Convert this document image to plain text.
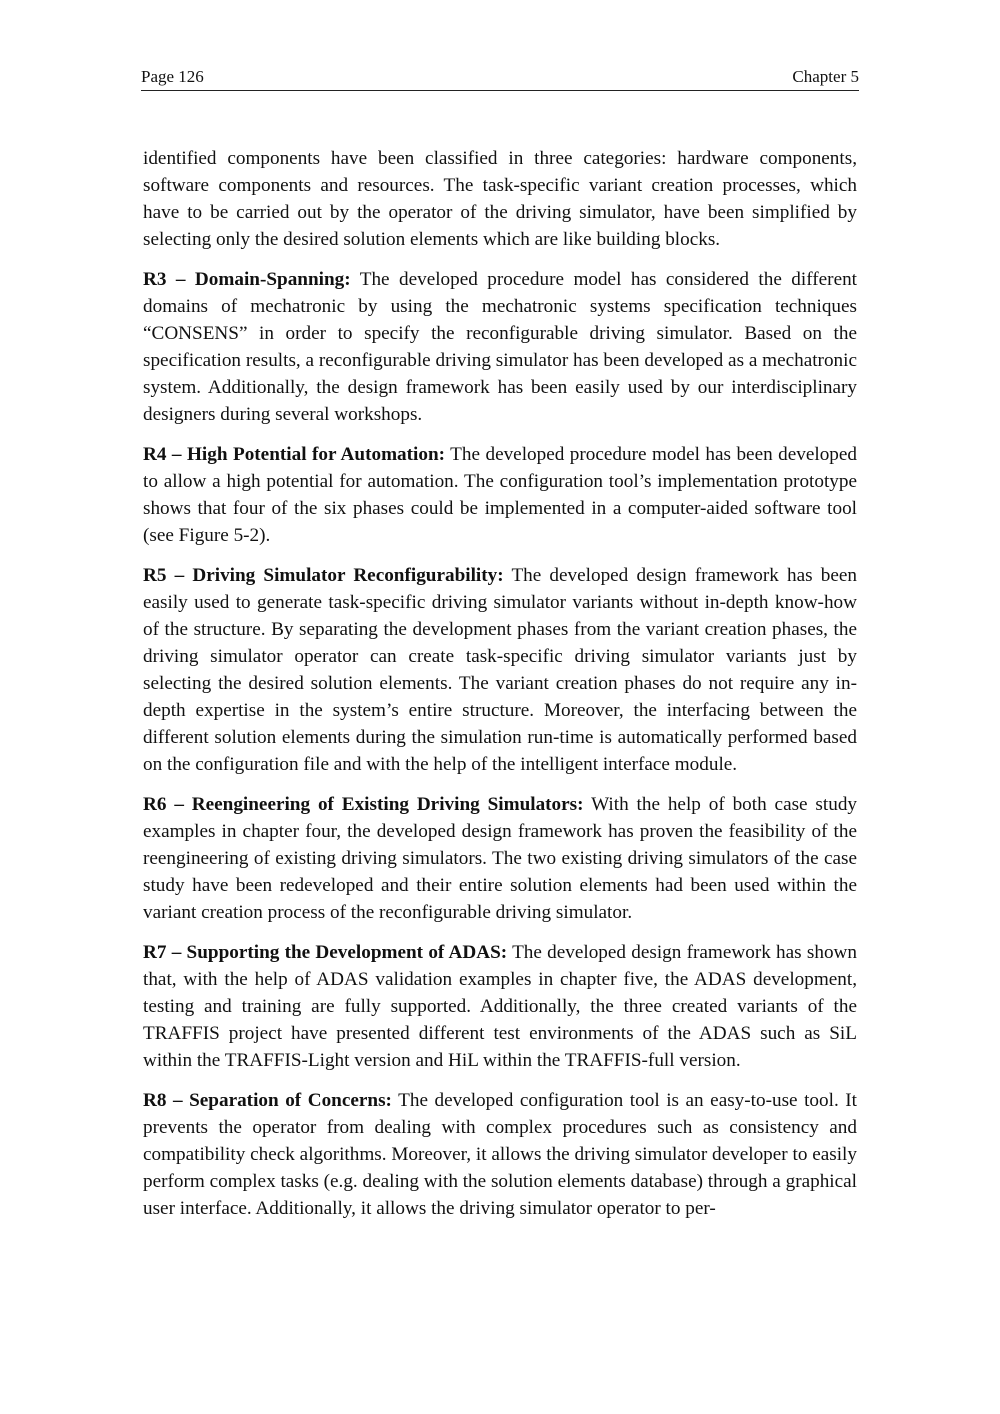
Page 126	Chapter 5

identified components have been classified in three categories: hardware components, software components and resources. The task-specific variant creation processes, which have to be carried out by the operator of the driving simulator, have been simplified by selecting only the desired solution elements which are like building blocks.

R3 – Domain-Spanning: The developed procedure model has considered the different domains of mechatronic by using the mechatronic systems specification techniques “CONSENS” in order to specify the reconfigurable driving simulator. Based on the specification results, a reconfigurable driving simulator has been developed as a mechatronic system. Additionally, the design framework has been easily used by our interdisciplinary designers during several workshops.

R4 – High Potential for Automation: The developed procedure model has been developed to allow a high potential for automation. The configuration tool’s implementation prototype shows that four of the six phases could be implemented in a computer-aided software tool (see Figure 5-2).

R5 – Driving Simulator Reconfigurability: The developed design framework has been easily used to generate task-specific driving simulator variants without in-depth know-how of the structure. By separating the development phases from the variant creation phases, the driving simulator operator can create task-specific driving simulator variants just by selecting the desired solution elements. The variant creation phases do not require any in-depth expertise in the system’s entire structure. Moreover, the interfacing between the different solution elements during the simulation run-time is automatically performed based on the configuration file and with the help of the intelligent interface module.

R6 – Reengineering of Existing Driving Simulators: With the help of both case study examples in chapter four, the developed design framework has proven the feasibility of the reengineering of existing driving simulators. The two existing driving simulators of the case study have been redeveloped and their entire solution elements had been used within the variant creation process of the reconfigurable driving simulator.

R7 – Supporting the Development of ADAS: The developed design framework has shown that, with the help of ADAS validation examples in chapter five, the ADAS development, testing and training are fully supported. Additionally, the three created variants of the TRAFFIS project have presented different test environments of the ADAS such as SiL within the TRAFFIS-Light version and HiL within the TRAFFIS-full version.

R8 – Separation of Concerns: The developed configuration tool is an easy-to-use tool. It prevents the operator from dealing with complex procedures such as consistency and compatibility check algorithms. Moreover, it allows the driving simulator developer to easily perform complex tasks (e.g. dealing with the solution elements database) through a graphical user interface. Additionally, it allows the driving simulator operator to per-
